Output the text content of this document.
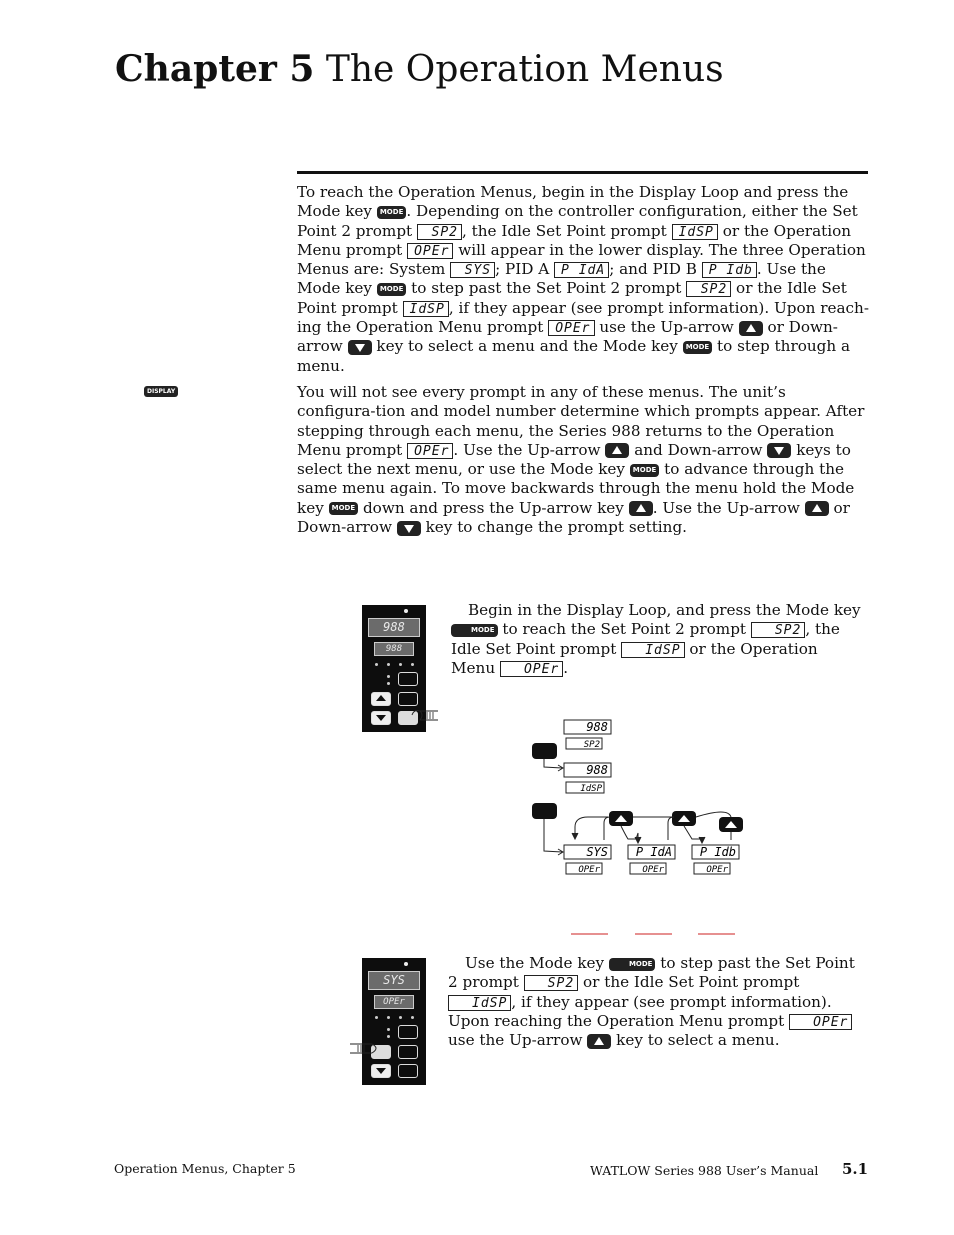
Chapter 5 The Operation Menus
DISPLAY
To reach the Operation Menus, begin in the Display Loop and press the Mode key MODE . Depending on the controller configuration, either the Set Point 2 prompt SP2 , the Idle Set Point prompt IdSP or the Operation Menu prompt OPEr will appear in the lower display. The three Operation Menus are: System SYS ; PID A P IdA ; and PID B P Idb . Use the Mode key MODE to step past the Set Point 2 prompt SP2 or the Idle Set Point prompt IdSP , if they appear (see prompt information). Upon reach-ing the Operation Menu prompt OPEr use the Up-arrow  or Down-arrow  key to select a menu and the Mode key MODE to step through a menu.
You will not see every prompt in any of these menus. The unit’s configura-tion and model number determine which prompts appear. After stepping through each menu, the Series 988 returns to the Operation Menu prompt OPEr . Use the Up-arrow  and Down-arrow  keys to select the next menu, or use the Mode key MODE to advance through the same menu again. To move backwards through the menu hold the Mode key MODE down and press the Up-arrow key . Use the Up-arrow  or Down-arrow  key to change the prompt setting.
988
988
Begin in the Display Loop, and press the Mode key MODE to reach the Set Point 2 prompt SP2 , the Idle Set Point prompt IdSP or the Operation Menu OPEr .
988
SP2
988
IdSP
SYS
OPEr
P IdA
OPEr
P Idb
OPEr
SYS
OPEr
Use the Mode key	MODE to step past the Set Point 2 prompt SP2 or the Idle Set Point prompt IdSP , if they appear (see prompt information). Upon reaching the Operation Menu prompt OPEr use the Up-arrow  key to select a menu.
Operation Menus, Chapter 5	WATLOW Series 988 User’s Manual 5.1
